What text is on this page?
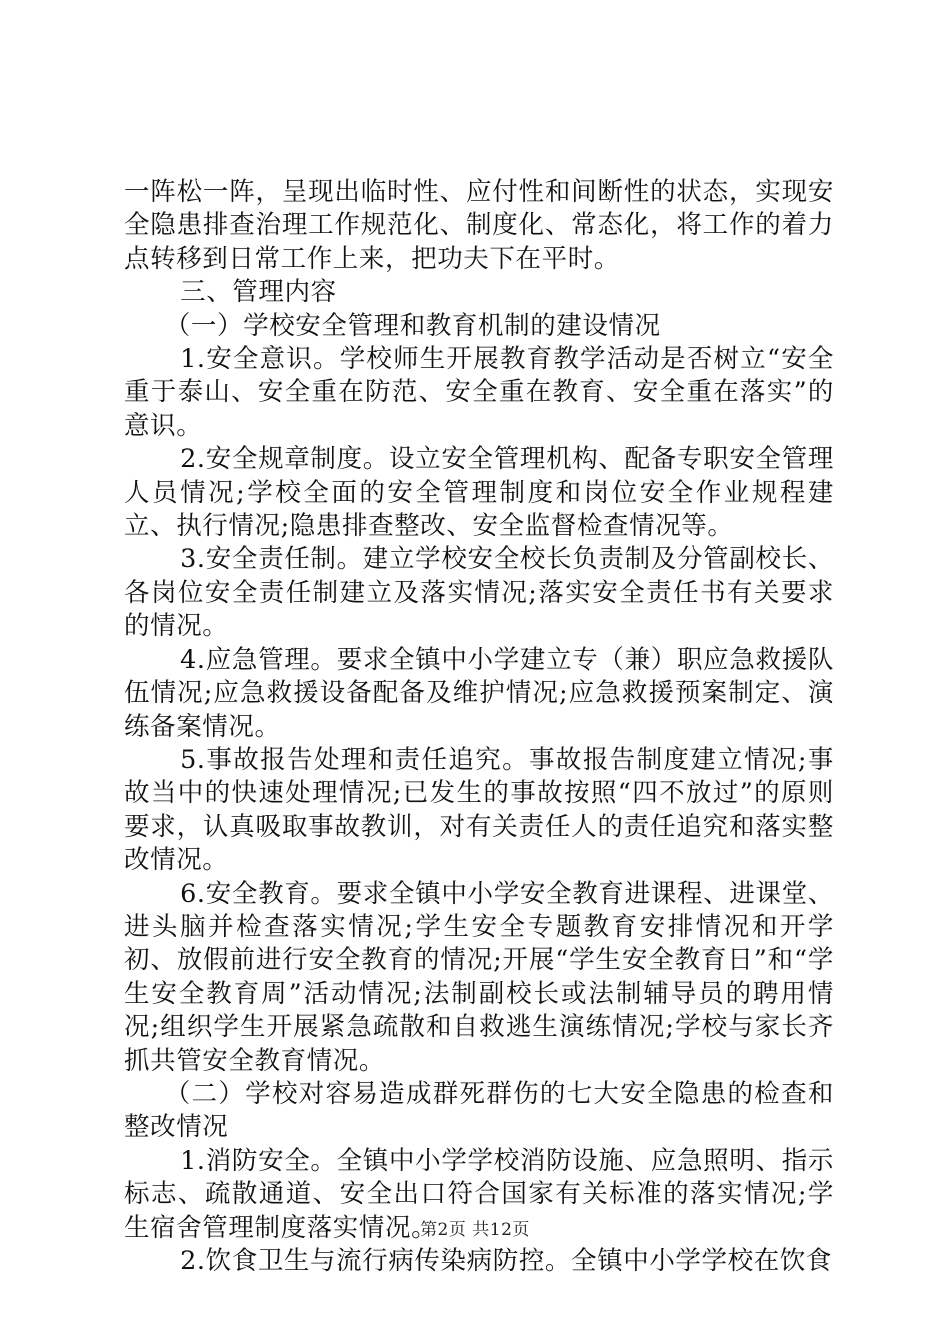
一阵松一阵，呈现出临时性、应付性和间断性的状态，实现安全隐患排查治理工作规范化、制度化、常态化，将工作的着力点转移到日常工作上来，把功夫下在平时。

三、管理内容

（一）学校安全管理和教育机制的建设情况

1.安全意识。学校师生开展教育教学活动是否树立“安全重于泰山、安全重在防范、安全重在教育、安全重在落实”的意识。

2.安全规章制度。设立安全管理机构、配备专职安全管理人员情况;学校全面的安全管理制度和岗位安全作业规程建立、执行情况;隐患排查整改、安全监督检查情况等。

3.安全责任制。建立学校安全校长负责制及分管副校长、各岗位安全责任制建立及落实情况;落实安全责任书有关要求的情况。

4.应急管理。要求全镇中小学建立专（兼）职应急救援队伍情况;应急救援设备配备及维护情况;应急救援预案制定、演练备案情况。

5.事故报告处理和责任追究。事故报告制度建立情况;事故当中的快速处理情况;已发生的事故按照“四不放过”的原则要求，认真吸取事故教训，对有关责任人的责任追究和落实整改情况。

6.安全教育。要求全镇中小学安全教育进课程、进课堂、进头脑并检查落实情况;学生安全专题教育安排情况和开学初、放假前进行安全教育的情况;开展“学生安全教育日”和“学生安全教育周”活动情况;法制副校长或法制辅导员的聘用情况;组织学生开展紧急疏散和自救逃生演练情况;学校与家长齐抓共管安全教育情况。

（二）学校对容易造成群死群伤的七大安全隐患的检查和整改情况

1.消防安全。全镇中小学学校消防设施、应急照明、指示标志、疏散通道、安全出口符合国家有关标准的落实情况;学生宿舍管理制度落实情况。

2.饮食卫生与流行病传染病防控。全镇中小学学校在饮食

第2页 共12页
